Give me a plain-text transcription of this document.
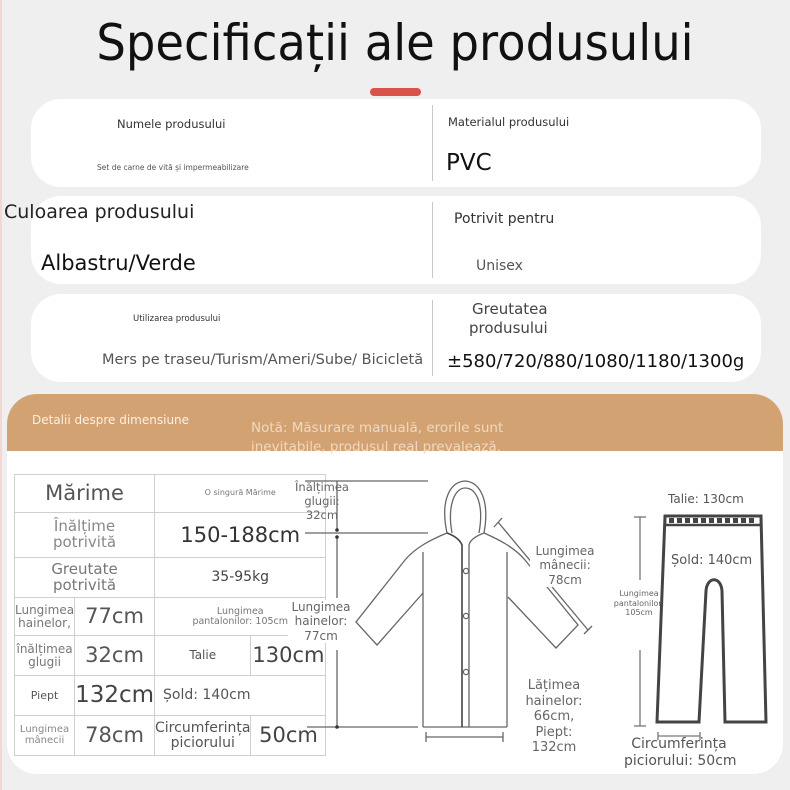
Specificații ale produsului
Numele produsului
Set de carne de vită și impermeabilizare
Materialul produsului
PVC
Potrivit pentru
Unisex
Culoarea produsului
Albastru/Verde
Utilizarea produsului
Mers pe traseu/Turism/Ameri/Sube/ Bicicletă
Greutatea
produsului
±580/720/880/1080/1180/1300g
Detalii despre dimensiune	Notă: Măsurare manuală, erorile sunt inevitabile, produsul real prevalează.
Mărime		O singură Mărime	

Înălțime
potrivită		150-188cm	

Greutate
potrivită		35-95kg	

Lungimea
hainelor,	77cm	Lungimea
pantalonilor: 105cm

înălțimea
glugii	32cm	Talie	130cm
Piept	132cm	Șold: 140cm	

Lungimea
mânecii	78cm	Circumferința
piciorului	50cm
Înălțimea
glugii:
32cm
Lungimea
hainelor:
77cm
Lungimea
mânecii:
78cm
Lățimea
hainelor:
66cm,
Piept:
132cm
Talie: 130cm
Șold: 140cm
Lungimea
pantalonilor:
105cm
Circumferința
piciorului: 50cm
